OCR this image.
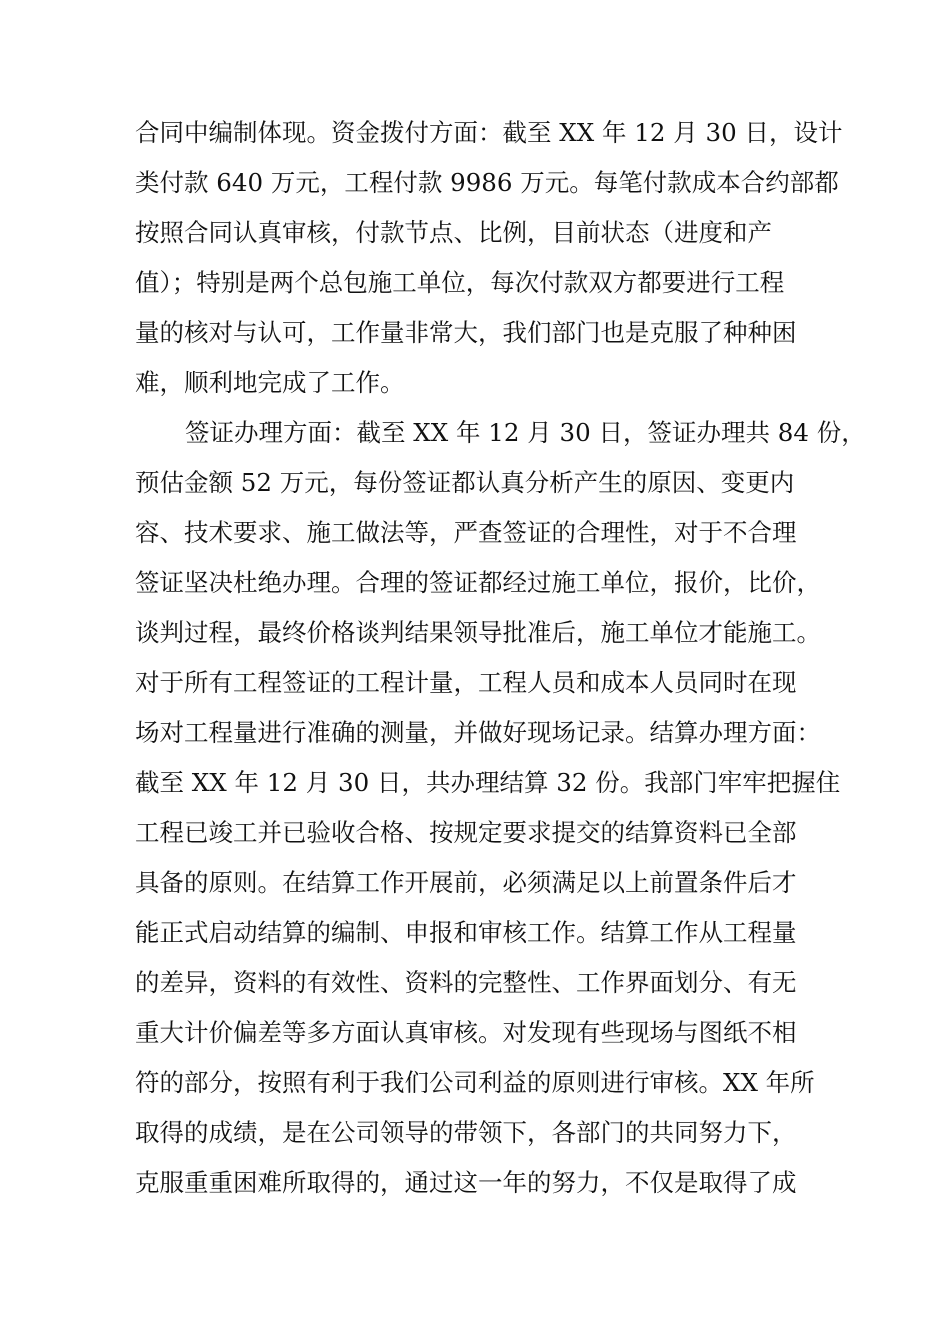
合同中编制体现。资金拨付方面：截至 XX 年 12 月 30 日，设计
类付款 640 万元，工程付款 9986 万元。每笔付款成本合约部都
按照合同认真审核，付款节点、比例，目前状态（进度和产
值）；特别是两个总包施工单位，每次付款双方都要进行工程
量的核对与认可，工作量非常大，我们部门也是克服了种种困
难，顺利地完成了工作。
签证办理方面：截至 XX 年 12 月 30 日，签证办理共 84 份，
预估金额 52 万元，每份签证都认真分析产生的原因、变更内
容、技术要求、施工做法等，严查签证的合理性，对于不合理
签证坚决杜绝办理。合理的签证都经过施工单位，报价，比价，
谈判过程，最终价格谈判结果领导批准后，施工单位才能施工。
对于所有工程签证的工程计量，工程人员和成本人员同时在现
场对工程量进行准确的测量，并做好现场记录。结算办理方面：
截至 XX 年 12 月 30 日，共办理结算 32 份。我部门牢牢把握住
工程已竣工并已验收合格、按规定要求提交的结算资料已全部
具备的原则。在结算工作开展前，必须满足以上前置条件后才
能正式启动结算的编制、申报和审核工作。结算工作从工程量
的差异，资料的有效性、资料的完整性、工作界面划分、有无
重大计价偏差等多方面认真审核。对发现有些现场与图纸不相
符的部分，按照有利于我们公司利益的原则进行审核。XX 年所
取得的成绩，是在公司领导的带领下，各部门的共同努力下，
克服重重困难所取得的，通过这一年的努力，不仅是取得了成
